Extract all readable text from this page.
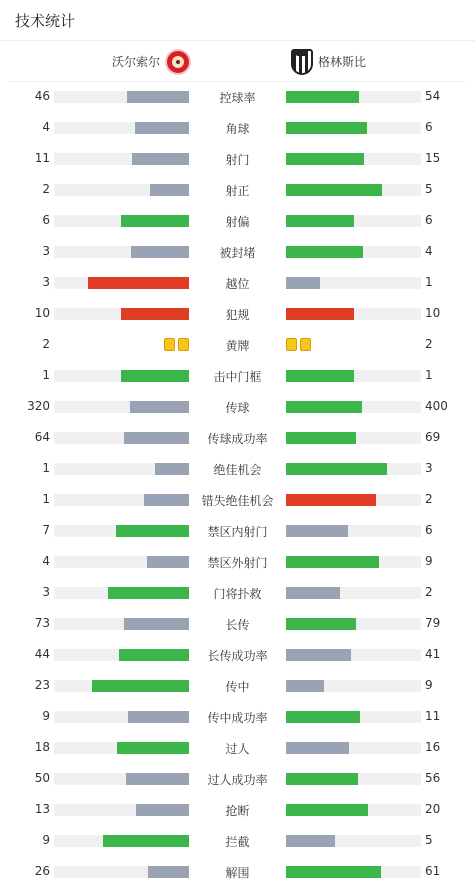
技术统计
沃尔索尔	格林斯比
46	控球率	54
4	角球	6
11	射门	15
2	射正	5
6	射偏	6
3	被封堵	4
3	越位	1
10	犯规	10
2	黄牌	2
1	击中门框	1
320	传球	400
64	传球成功率	69
1	绝佳机会	3
1	错失绝佳机会	2
7	禁区内射门	6
4	禁区外射门	9
3	门将扑救	2
73	长传	79
44	长传成功率	41
23	传中	9
9	传中成功率	11
18	过人	16
50	过人成功率	56
13	抢断	20
9	拦截	5
26	解围	61
